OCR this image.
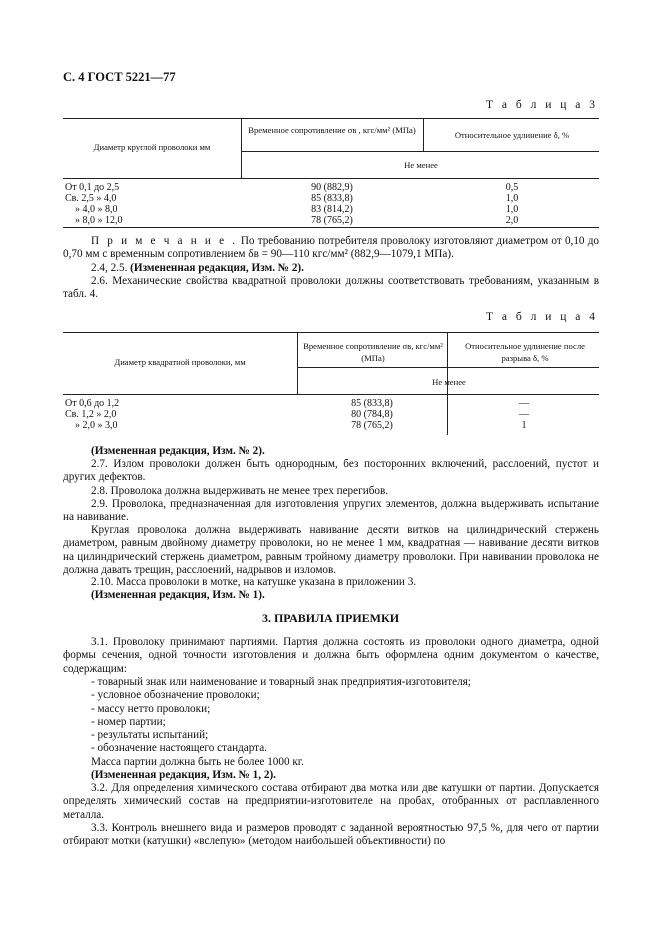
С. 4 ГОСТ 5221—77
Т а б л и ц а 3
Диаметр круглой проволоки мм
Временное сопротивление σв , кгс/мм² (МПа)	Относительное удлинение δ, %
Не менее
От 0,1 до 2,5
Св. 2,5 » 4,0
» 4,0 » 8,0
» 8,0 » 12,0
90 (882,9)
85 (833,8)
83 (814,2)
78 (765,2)
0,5
1,0
1,0
2,0
П р и м е ч а н и е . По требованию потребителя проволоку изготовляют диаметром от 0,10 до 0,70 мм с временным сопротивлением δв = 90—110 кгс/мм² (882,9—1079,1 МПа).
2.4, 2.5. (Измененная редакция, Изм. № 2).
2.6. Механические свойства квадратной проволоки должны соответствовать требованиям, указанным в табл. 4.
Т а б л и ц а 4
Диаметр квадратной проволоки, мм
Временное сопротивление σв, кгс/мм² (МПа)
Относительное удлинение после разрыва δ, %
Не менее
От 0,6 до 1,2
Св. 1,2 » 2,0
» 2,0 » 3,0
85 (833,8)
80 (784,8)
78 (765,2)
—
—
1
(Измененная редакция, Изм. № 2).
2.7. Излом проволоки должен быть однородным, без посторонних включений, расслоений, пустот и других дефектов.
2.8. Проволока должна выдерживать не менее трех перегибов.
2.9. Проволока, предназначенная для изготовления упругих элементов, должна выдерживать испытание на навивание.
Круглая проволока должна выдерживать навивание десяти витков на цилиндрический стержень диаметром, равным двойному диаметру проволоки, но не менее 1 мм, квадратная — навивание десяти витков на цилиндрический стержень диаметром, равным тройному диаметру проволоки. При навивании проволока не должна давать трещин, расслоений, надрывов и изломов.
2.10. Масса проволоки в мотке, на катушке указана в приложении 3.
(Измененная редакция, Изм. № 1).
3. ПРАВИЛА ПРИЕМКИ
3.1. Проволоку принимают партиями. Партия должна состоять из проволоки одного диаметра, одной формы сечения, одной точности изготовления и должна быть оформлена одним документом о качестве, содержащим:
- товарный знак или наименование и товарный знак предприятия-изготовителя;
- условное обозначение проволоки;
- массу нетто проволоки;
- номер партии;
- результаты испытаний;
- обозначение настоящего стандарта.
Масса партии должна быть не более 1000 кг.
(Измененная редакция, Изм. № 1, 2).
3.2. Для определения химического состава отбирают два мотка или две катушки от партии. Допускается определять химический состав на предприятии-изготовителе на пробах, отобранных от расплавленного металла.
3.3. Контроль внешнего вида и размеров проводят с заданной вероятностью 97,5 %, для чего от партии отбирают мотки (катушки) «вслепую» (методом наибольшей объективности) по
